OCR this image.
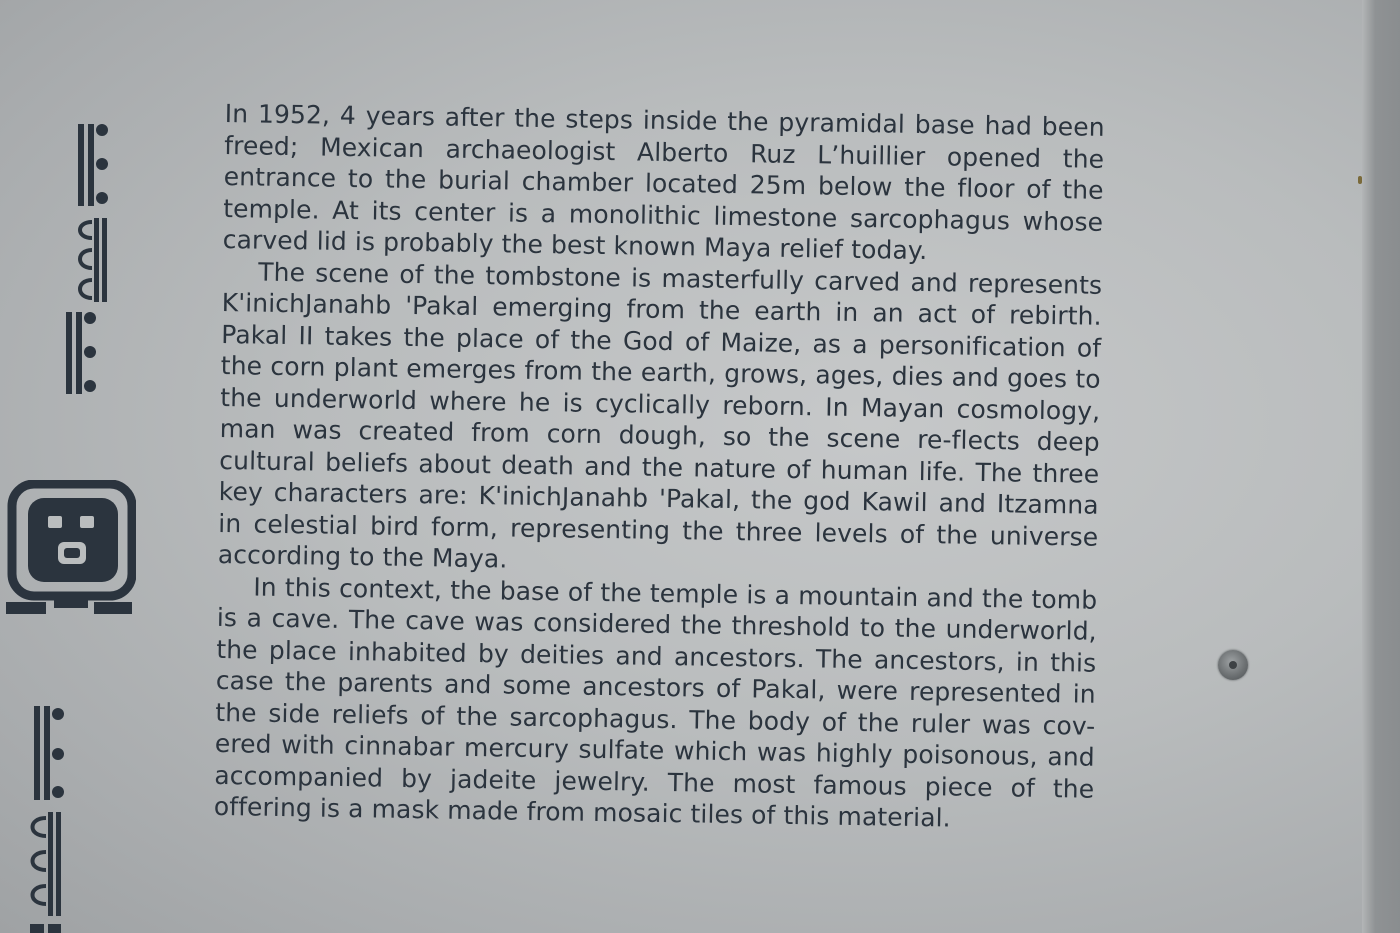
In 1952, 4 years after the steps inside the pyramidal base had been freed; Mexican archaeologist Alberto Ruz L’huillier opened the entrance to the burial chamber located 25m below the floor of the temple. At its center is a monolithic limestone sarcophagus whose carved lid is probably the best known Maya relief today.

The scene of the tombstone is masterfully carved and represents K'inichJanahb 'Pakal emerging from the earth in an act of rebirth. Pakal II takes the place of the God of Maize, as a personification of the corn plant emerges from the earth, grows, ages, dies and goes to the underworld where he is cyclically reborn. In Mayan cosmology, man was created from corn dough, so the scene re-flects deep cultural beliefs about death and the nature of human life. The three key characters are: K'inichJanahb 'Pakal, the god Kawil and Itzamna in celestial bird form, representing the three levels of the universe according to the Maya.

In this context, the base of the temple is a mountain and the tomb is a cave. The cave was considered the threshold to the underworld, the place inhabited by deities and ancestors. The ancestors, in this case the parents and some ancestors of Pakal, were represented in the side reliefs of the sarcophagus. The body of the ruler was cov-ered with cinnabar mercury sulfate which was highly poisonous, and accompanied by jadeite jewelry. The most famous piece of the offering is a mask made from mosaic tiles of this material.
